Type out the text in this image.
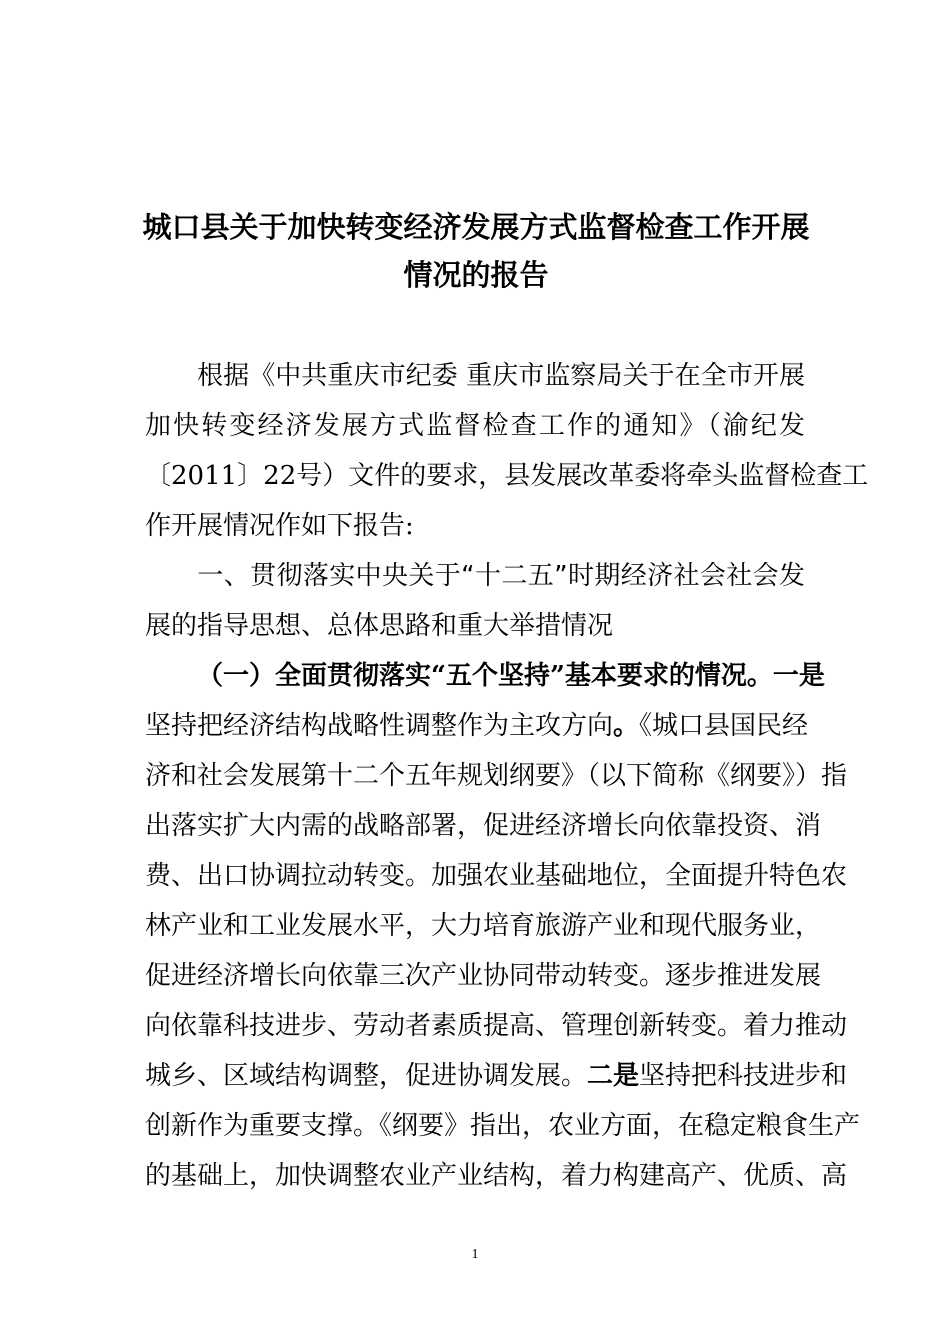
城口县关于加快转变经济发展方式监督检查工作开展
情况的报告
根据《中共重庆市纪委 重庆市监察局关于在全市开展
加快转变经济发展方式监督检查工作的通知》（渝纪发
〔2011〕22号）文件的要求，县发展改革委将牵头监督检查工
作开展情况作如下报告:
一、贯彻落实中央关于“十二五”时期经济社会社会发
展的指导思想、总体思路和重大举措情况
（一）全面贯彻落实“五个坚持”基本要求的情况。一是
坚持把经济结构战略性调整作为主攻方向。《城口县国民经
济和社会发展第十二个五年规划纲要》（以下简称《纲要》）指
出落实扩大内需的战略部署，促进经济增长向依靠投资、消
费、出口协调拉动转变。加强农业基础地位，全面提升特色农
林产业和工业发展水平，大力培育旅游产业和现代服务业，
促进经济增长向依靠三次产业协同带动转变。逐步推进发展
向依靠科技进步、劳动者素质提高、管理创新转变。着力推动
城乡、区域结构调整，促进协调发展。二是坚持把科技进步和
创新作为重要支撑。《纲要》指出，农业方面，在稳定粮食生产
的基础上，加快调整农业产业结构，着力构建高产、优质、高
1
